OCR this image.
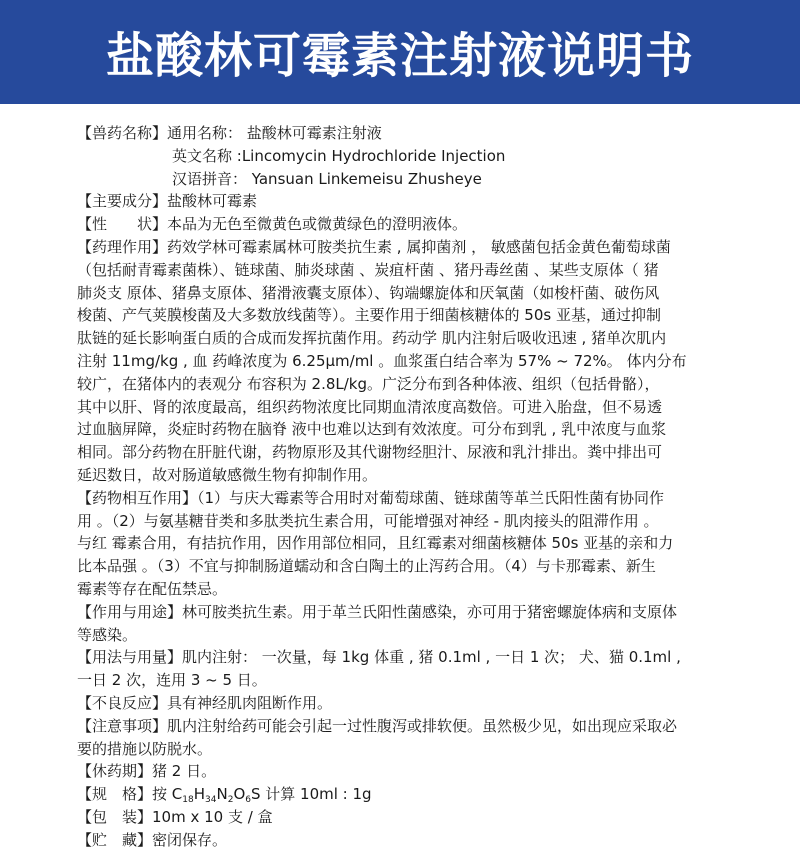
盐酸林可霉素注射液说明书
【兽药名称】通用名称： 盐酸林可霉素注射液
英文名称 :Lincomycin Hydrochloride Injection
汉语拼音： Yansuan Linkemeisu Zhusheye
【主要成分】盐酸林可霉素
【性　　状】本品为无色至微黄色或微黄绿色的澄明液体。
【药理作用】药效学林可霉素属林可胺类抗生素 , 属抑菌剂 ， 敏感菌包括金黄色葡萄球菌
（包括耐青霉素菌株）、链球菌、肺炎球菌 、炭疽杆菌 、猪丹毒丝菌 、某些支原体（ 猪
肺炎支 原体、猪鼻支原体、猪滑液囊支原体）、钩端螺旋体和厌氧菌（如梭杆菌、破伤风
梭菌、产气荚膜梭菌及大多数放线菌等）。主要作用于细菌核糖体的 50s 亚基，通过抑制
肽链的延长影响蛋白质的合成而发挥抗菌作用。药动学 肌内注射后吸收迅速 , 猪单次肌内
注射 11mg/kg , 血 药峰浓度为 6.25μm/ml 。血浆蛋白结合率为 57% ~ 72%。 体内分布
较广，在猪体内的表观分 布容积为 2.8L/kg。广泛分布到各种体液、组织（包括骨骼），
其中以肝、肾的浓度最高，组织药物浓度比同期血清浓度高数倍。可进入胎盘，但不易透
过血脑屏障，炎症时药物在脑脊 液中也难以达到有效浓度。可分布到乳 , 乳中浓度与血浆
相同。部分药物在肝脏代谢，药物原形及其代谢物经胆汁、尿液和乳汁排出。粪中排出可
延迟数日，故对肠道敏感微生物有抑制作用。
【药物相互作用】（1）与庆大霉素等合用时对葡萄球菌、链球菌等革兰氏阳性菌有协同作
用 。（2）与氨基糖苷类和多肽类抗生素合用，可能增强对神经 - 肌肉接头的阻滞作用 。
与红 霉素合用，有拮抗作用，因作用部位相同，且红霉素对细菌核糖体 50s 亚基的亲和力
比本品强 。（3）不宜与抑制肠道蠕动和含白陶土的止泻药合用。（4）与卡那霉素、新生
霉素等存在配伍禁忌。
【作用与用途】林可胺类抗生素。用于革兰氏阳性菌感染，亦可用于猪密螺旋体病和支原体
等感染。
【用法与用量】肌内注射： 一次量，每 1kg 体重 , 猪 0.1ml , 一日 1 次； 犬、猫 0.1ml ,
一日 2 次，连用 3 ~ 5 日。
【不良反应】具有神经肌肉阻断作用。
【注意事项】肌内注射给药可能会引起一过性腹泻或排软便。虽然极少见，如出现应采取必
要的措施以防脱水。
【休药期】猪 2 日。
【规　格】按 $C_{18}H_{34}N_2O_6S$ 计算 10ml : 1g
【包　装】10m x 10 支 / 盒
【贮　藏】密闭保存。
